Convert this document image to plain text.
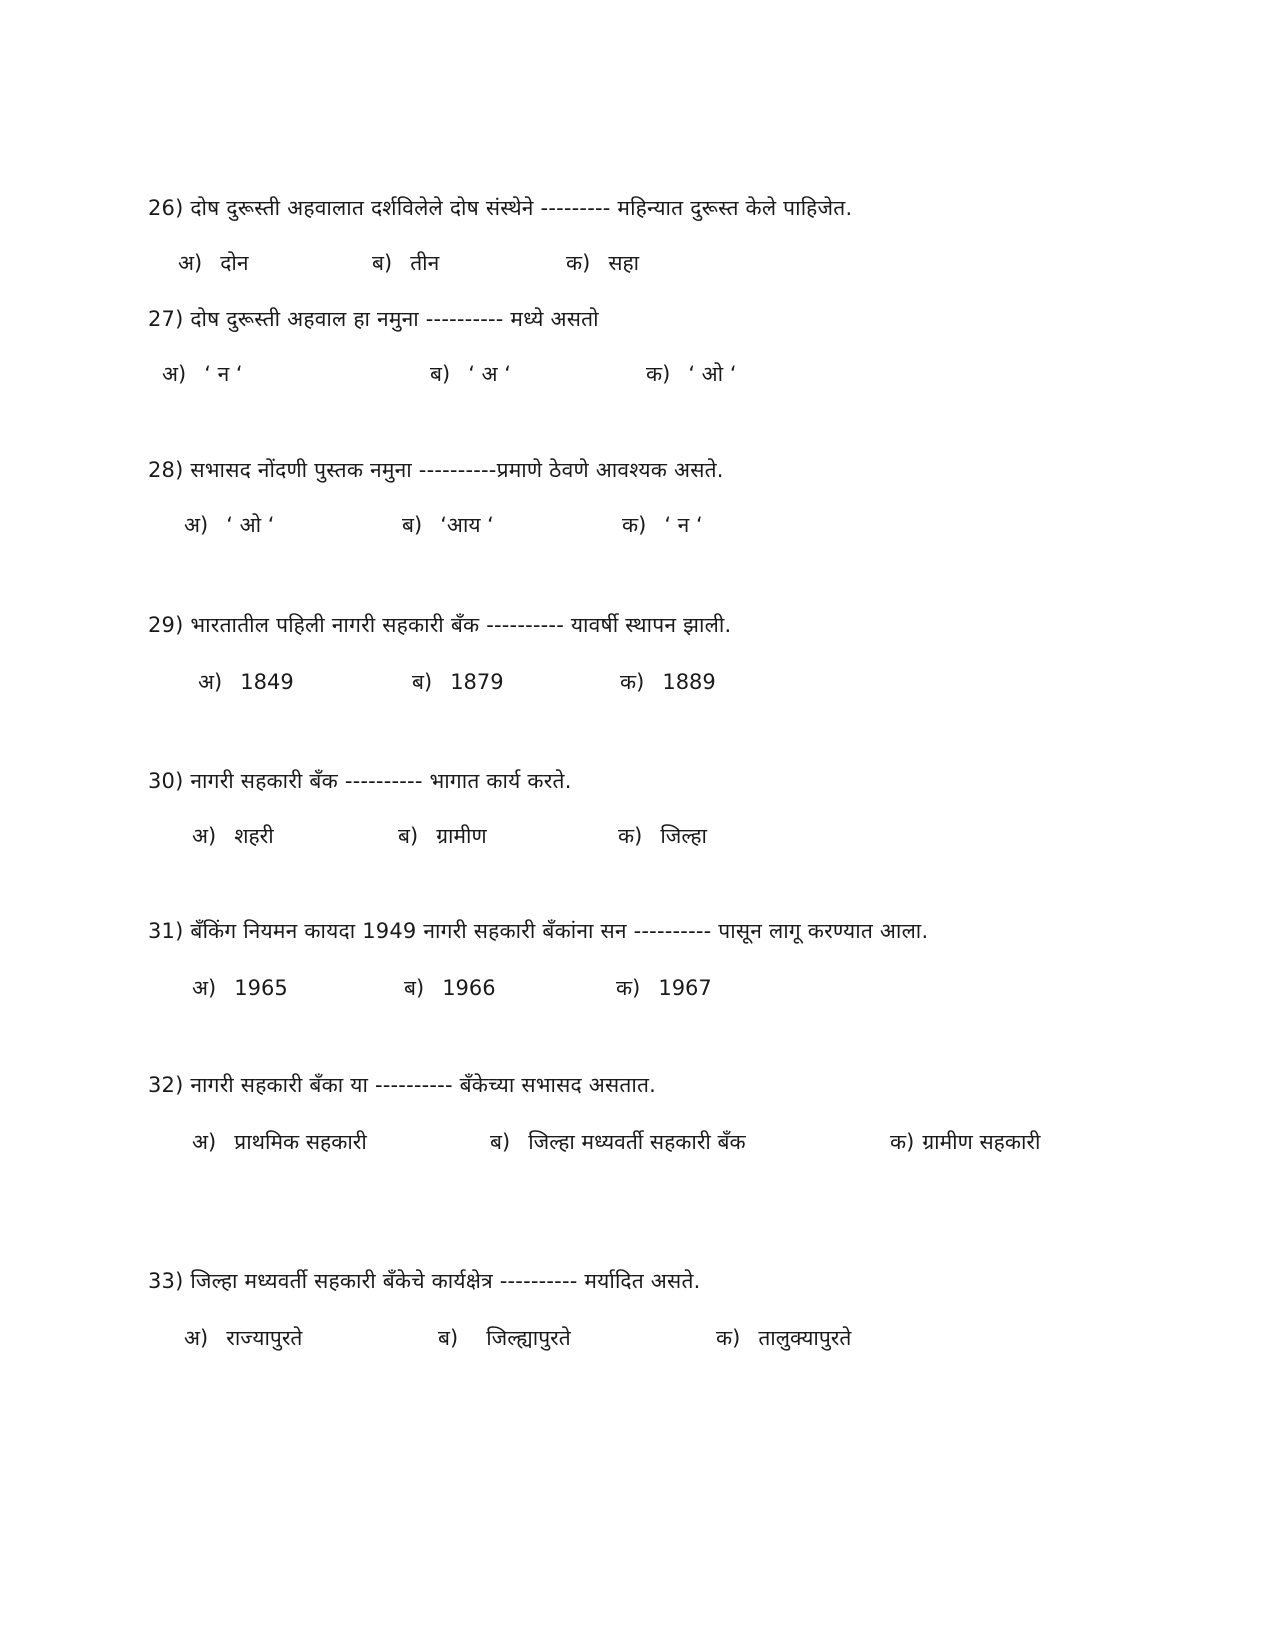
26) दोष दुरूस्ती अहवालात दर्शविलेले दोष संस्थेने --------- महिन्यात दुरूस्त केले पाहिजेत.
अ) दोन	ब) तीन	क) सहा
27) दोष दुरूस्ती अहवाल हा नमुना ---------- मध्ये असतो
अ) ‘ न ‘	ब) ‘ अ ‘	क) ‘ ओ ‘
28) सभासद नोंदणी पुस्तक नमुना ----------प्रमाणे ठेवणे आवश्यक असते.
अ) ‘ ओ ‘	ब) ‘आय ‘	क) ‘ न ‘
29) भारतातील पहिली नागरी सहकारी बँक ---------- यावर्षी स्थापन झाली.
अ) 1849	ब) 1879	क) 1889
30) नागरी सहकारी बँक ---------- भागात कार्य करते.
अ) शहरी	ब) ग्रामीण	क) जिल्हा
31) बँकिंग नियमन कायदा 1949 नागरी सहकारी बँकांना सन ---------- पासून लागू करण्यात आला.
अ) 1965	ब) 1966	क) 1967
32) नागरी सहकारी बँका या ---------- बँकेच्या सभासद असतात.
अ) प्राथमिक सहकारी	ब) जिल्हा मध्यवर्ती सहकारी बँक	क) ग्रामीण सहकारी
33) जिल्हा मध्यवर्ती सहकारी बँकेचे कार्यक्षेत्र ---------- मर्यादित असते.
अ) राज्यापुरते	ब) जिल्ह्यापुरते	क) तालुक्यापुरते
